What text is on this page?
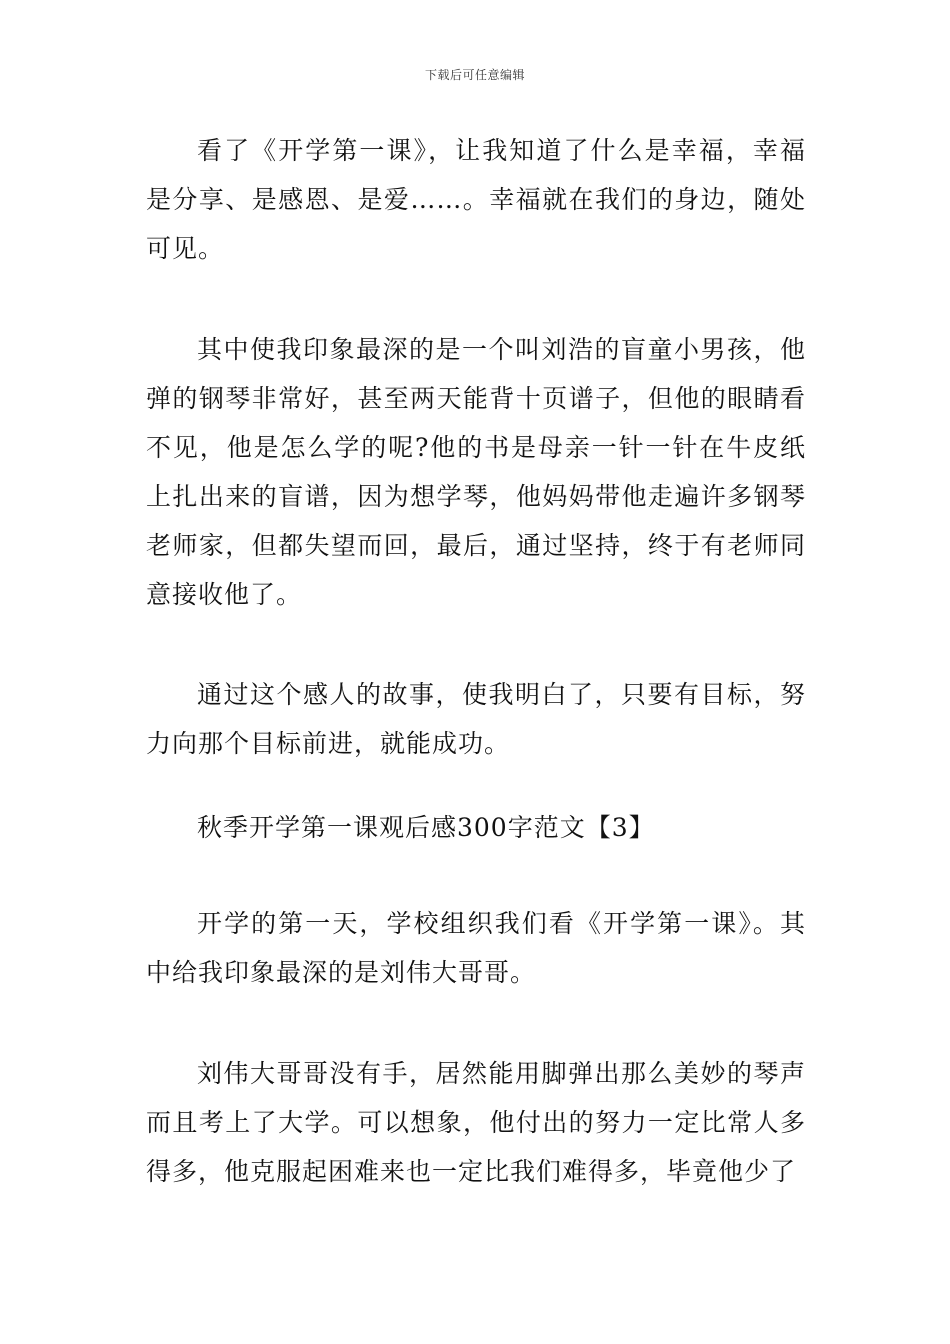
下载后可任意编辑

看了《开学第一课》，让我知道了什么是幸福，幸福是分享、是感恩、是爱……。幸福就在我们的身边，随处可见。

其中使我印象最深的是一个叫刘浩的盲童小男孩，他弹的钢琴非常好，甚至两天能背十页谱子，但他的眼睛看不见，他是怎么学的呢?他的书是母亲一针一针在牛皮纸上扎出来的盲谱，因为想学琴，他妈妈带他走遍许多钢琴老师家，但都失望而回，最后，通过坚持，终于有老师同意接收他了。

通过这个感人的故事，使我明白了，只要有目标，努力向那个目标前进，就能成功。

秋季开学第一课观后感300字范文【3】

开学的第一天，学校组织我们看《开学第一课》。其中给我印象最深的是刘伟大哥哥。

刘伟大哥哥没有手，居然能用脚弹出那么美妙的琴声而且考上了大学。可以想象，他付出的努力一定比常人多得多，他克服起困难来也一定比我们难得多，毕竟他少了
